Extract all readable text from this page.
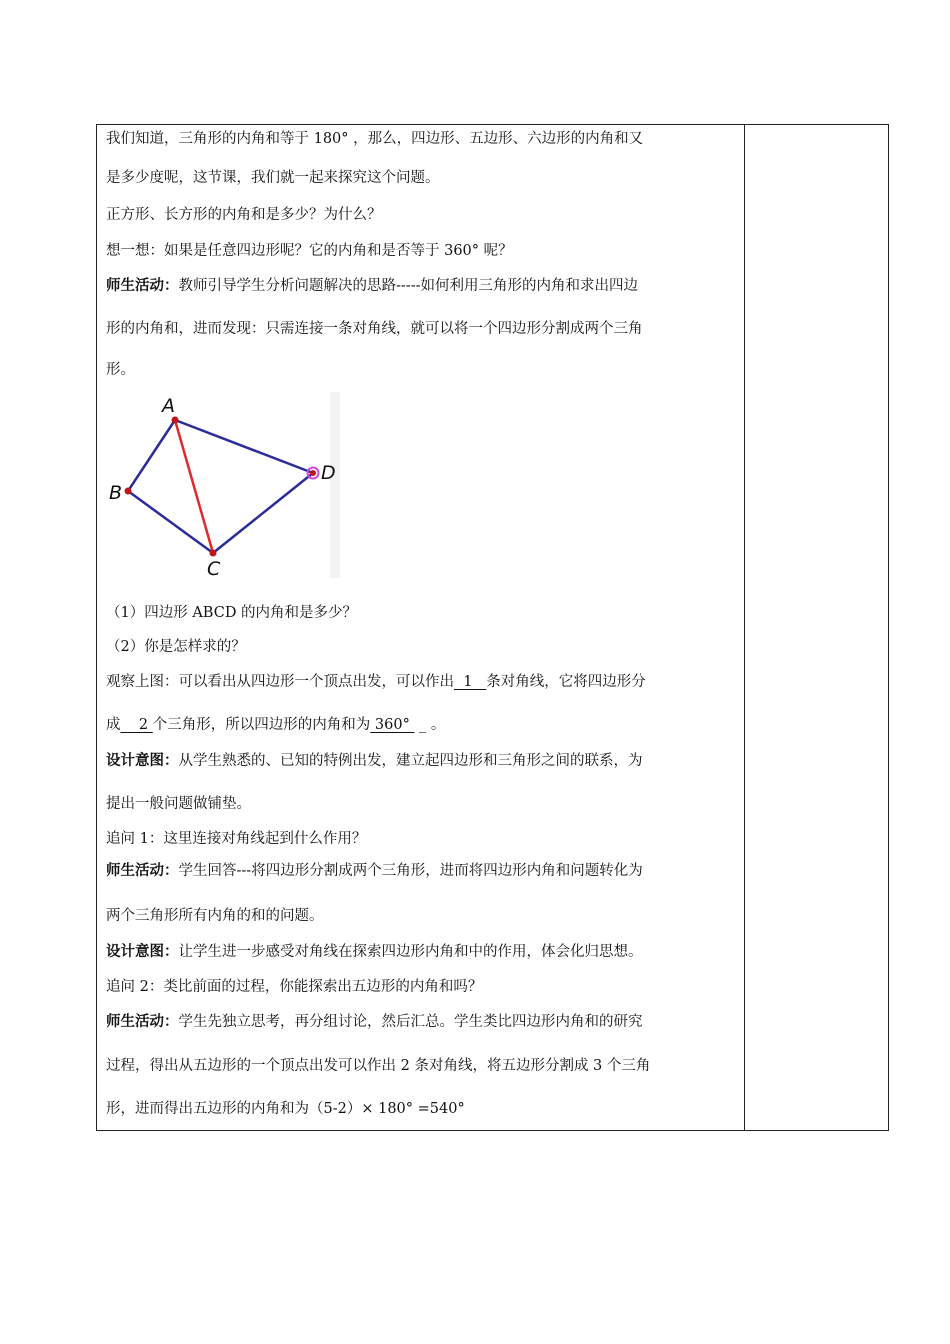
我们知道，三角形的内角和等于 180° ，那么，四边形、五边形、六边形的内角和又
是多少度呢，这节课，我们就一起来探究这个问题。
正方形、长方形的内角和是多少？为什么？
想一想：如果是任意四边形呢？它的内角和是否等于 360° 呢？
师生活动：教师引导学生分析问题解决的思路-----如何利用三角形的内角和求出四边
形的内角和，进而发现：只需连接一条对角线，就可以将一个四边形分割成两个三角
形。
（1）四边形 ABCD 的内角和是多少？
（2）你是怎样求的？
观察上图：可以看出从四边形一个顶点出发，可以作出  1   条对角线，它将四边形分
成    2 个三角形，所以四边形的内角和为 360°  _ 。
设计意图：从学生熟悉的、已知的特例出发，建立起四边形和三角形之间的联系，为
提出一般问题做铺垫。
追问 1：这里连接对角线起到什么作用？
师生活动：学生回答---将四边形分割成两个三角形，进而将四边形内角和问题转化为
两个三角形所有内角的和的问题。
设计意图：让学生进一步感受对角线在探索四边形内角和中的作用，体会化归思想。
追问 2：类比前面的过程，你能探索出五边形的内角和吗？
师生活动：学生先独立思考，再分组讨论，然后汇总。学生类比四边形内角和的研究
过程，得出从五边形的一个顶点出发可以作出 2 条对角线，将五边形分割成 3 个三角
形，进而得出五边形的内角和为（5-2）× 180° =540°
A
B
C
D
